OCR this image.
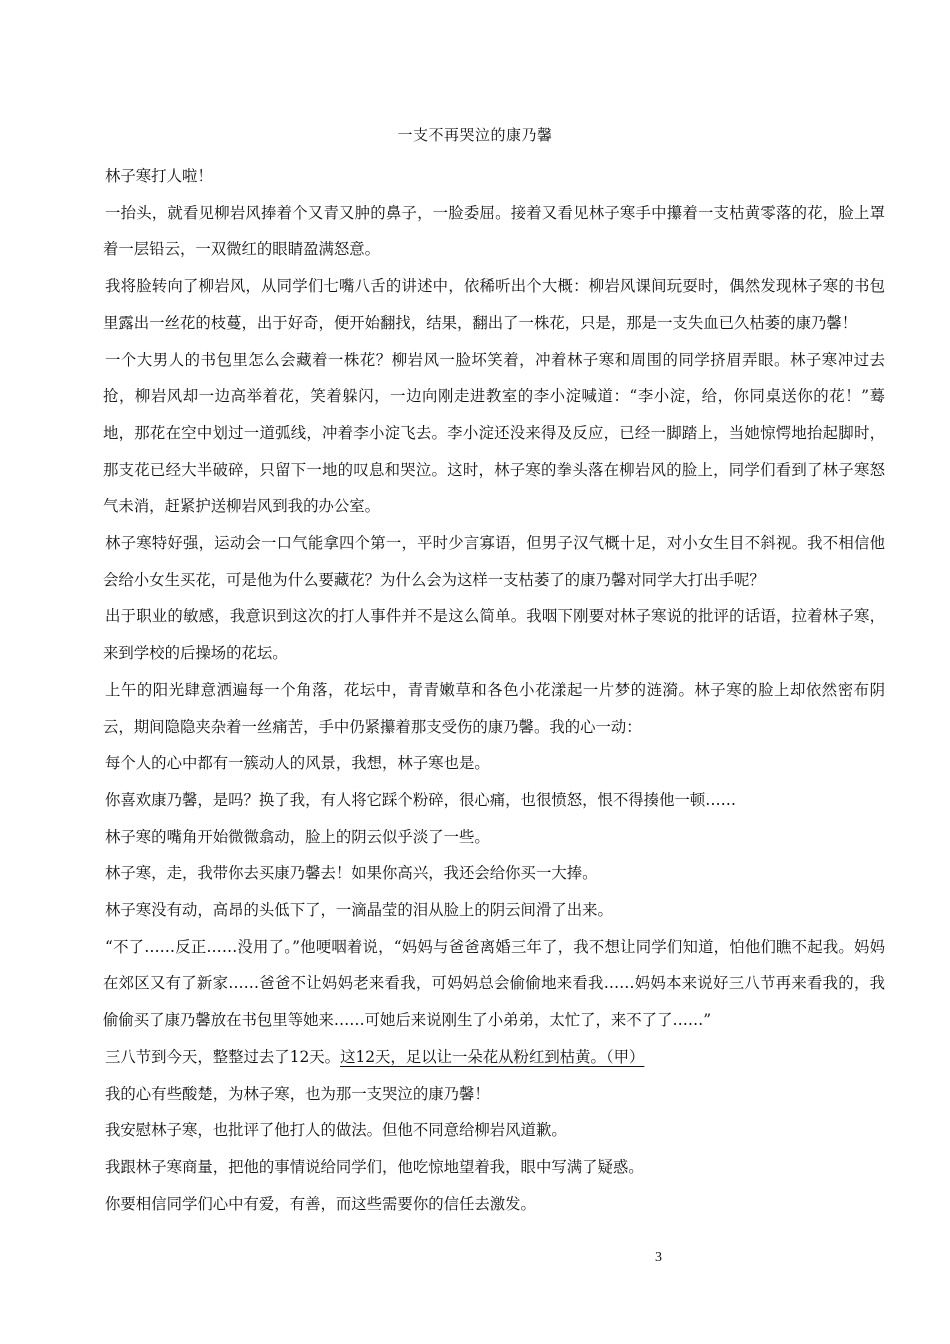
一支不再哭泣的康乃馨

林子寒打人啦！

一抬头，就看见柳岩风捧着个又青又肿的鼻子，一脸委屈。接着又看见林子寒手中攥着一支枯黄零落的花，脸上罩着一层铅云，一双微红的眼睛盈满怒意。

我将脸转向了柳岩风，从同学们七嘴八舌的讲述中，依稀听出个大概：柳岩风课间玩耍时，偶然发现林子寒的书包里露出一丝花的枝蔓，出于好奇，便开始翻找，结果，翻出了一株花，只是，那是一支失血已久枯萎的康乃馨！

一个大男人的书包里怎么会藏着一株花？柳岩风一脸坏笑着，冲着林子寒和周围的同学挤眉弄眼。林子寒冲过去抢，柳岩风却一边高举着花，笑着躲闪，一边向刚走进教室的李小淀喊道：“李小淀，给，你同桌送你的花！”蓦地，那花在空中划过一道弧线，冲着李小淀飞去。李小淀还没来得及反应，已经一脚踏上，当她惊愕地抬起脚时，那支花已经大半破碎，只留下一地的叹息和哭泣。这时，林子寒的拳头落在柳岩风的脸上，同学们看到了林子寒怒气未消，赶紧护送柳岩风到我的办公室。

林子寒特好强，运动会一口气能拿四个第一，平时少言寡语，但男子汉气概十足，对小女生目不斜视。我不相信他会给小女生买花，可是他为什么要藏花？为什么会为这样一支枯萎了的康乃馨对同学大打出手呢？

出于职业的敏感，我意识到这次的打人事件并不是这么简单。我咽下刚要对林子寒说的批评的话语，拉着林子寒，来到学校的后操场的花坛。

上午的阳光肆意洒遍每一个角落，花坛中，青青嫩草和各色小花漾起一片梦的涟漪。林子寒的脸上却依然密布阴云，期间隐隐夹杂着一丝痛苦，手中仍紧攥着那支受伤的康乃馨。我的心一动：

每个人的心中都有一簇动人的风景，我想，林子寒也是。

你喜欢康乃馨，是吗？换了我，有人将它踩个粉碎，很心痛，也很愤怒，恨不得揍他一顿……

林子寒的嘴角开始微微翕动，脸上的阴云似乎淡了一些。

林子寒，走，我带你去买康乃馨去！如果你高兴，我还会给你买一大捧。

林子寒没有动，高昂的头低下了，一滴晶莹的泪从脸上的阴云间滑了出来。

“不了……反正……没用了。”他哽咽着说，“妈妈与爸爸离婚三年了，我不想让同学们知道，怕他们瞧不起我。妈妈在郊区又有了新家……爸爸不让妈妈老来看我，可妈妈总会偷偷地来看我……妈妈本来说好三八节再来看我的，我偷偷买了康乃馨放在书包里等她来……可她后来说刚生了小弟弟，太忙了，来不了了……”

三八节到今天，整整过去了12天。这12天，足以让一朵花从粉红到枯黄。（甲）

我的心有些酸楚，为林子寒，也为那一支哭泣的康乃馨！

我安慰林子寒，也批评了他打人的做法。但他不同意给柳岩风道歉。

我跟林子寒商量，把他的事情说给同学们，他吃惊地望着我，眼中写满了疑惑。

你要相信同学们心中有爱，有善，而这些需要你的信任去激发。

3
